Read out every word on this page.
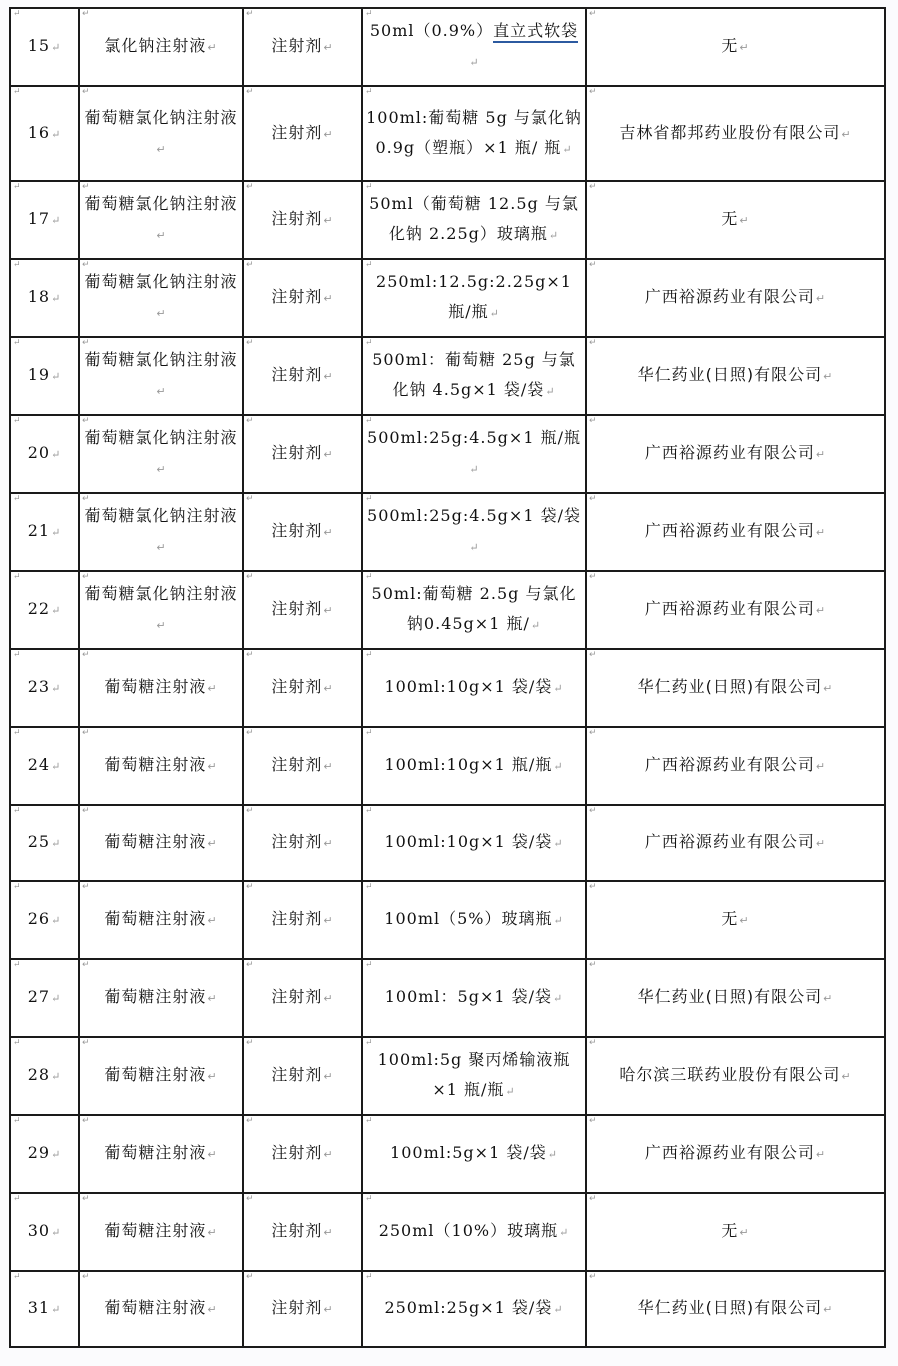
↵
15↵	↵
氯化钠注射液↵	↵
注射剂↵	↵
50ml（0.9%）直立式软袋↵	↵
无↵

↵
16↵	↵
葡萄糖氯化钠注射液↵	↵
注射剂↵	↵
100ml:葡萄糖 5g 与氯化钠0.9g（塑瓶）×1 瓶/ 瓶↵	↵
吉林省都邦药业股份有限公司↵

↵
17↵	↵
葡萄糖氯化钠注射液↵	↵
注射剂↵	↵
50ml（葡萄糖 12.5g 与氯化钠 2.25g）玻璃瓶↵	↵
无↵

↵
18↵	↵
葡萄糖氯化钠注射液↵	↵
注射剂↵	↵
250ml:12.5g:2.25g×1 瓶/瓶↵	↵
广西裕源药业有限公司↵

↵
19↵	↵
葡萄糖氯化钠注射液↵	↵
注射剂↵	↵
500ml：葡萄糖 25g 与氯化钠 4.5g×1 袋/袋↵	↵
华仁药业(日照)有限公司↵

↵
20↵	↵
葡萄糖氯化钠注射液↵	↵
注射剂↵	↵
500ml:25g:4.5g×1 瓶/瓶↵	↵
广西裕源药业有限公司↵

↵
21↵	↵
葡萄糖氯化钠注射液↵	↵
注射剂↵	↵
500ml:25g:4.5g×1 袋/袋↵	↵
广西裕源药业有限公司↵

↵
22↵	↵
葡萄糖氯化钠注射液↵	↵
注射剂↵	↵
50ml:葡萄糖 2.5g 与氯化钠0.45g×1 瓶/↵	↵
广西裕源药业有限公司↵

↵
23↵	↵
葡萄糖注射液↵	↵
注射剂↵	↵
100ml:10g×1 袋/袋↵	↵
华仁药业(日照)有限公司↵

↵
24↵	↵
葡萄糖注射液↵	↵
注射剂↵	↵
100ml:10g×1 瓶/瓶↵	↵
广西裕源药业有限公司↵

↵
25↵	↵
葡萄糖注射液↵	↵
注射剂↵	↵
100ml:10g×1 袋/袋↵	↵
广西裕源药业有限公司↵

↵
26↵	↵
葡萄糖注射液↵	↵
注射剂↵	↵
100ml（5%）玻璃瓶↵	↵
无↵

↵
27↵	↵
葡萄糖注射液↵	↵
注射剂↵	↵
100ml：5g×1 袋/袋↵	↵
华仁药业(日照)有限公司↵

↵
28↵	↵
葡萄糖注射液↵	↵
注射剂↵	↵
100ml:5g 聚丙烯输液瓶×1 瓶/瓶↵	↵
哈尔滨三联药业股份有限公司↵

↵
29↵	↵
葡萄糖注射液↵	↵
注射剂↵	↵
100ml:5g×1 袋/袋↵	↵
广西裕源药业有限公司↵

↵
30↵	↵
葡萄糖注射液↵	↵
注射剂↵	↵
250ml（10%）玻璃瓶↵	↵
无↵

↵
31↵	↵
葡萄糖注射液↵	↵
注射剂↵	↵
250ml:25g×1 袋/袋↵	↵
华仁药业(日照)有限公司↵
